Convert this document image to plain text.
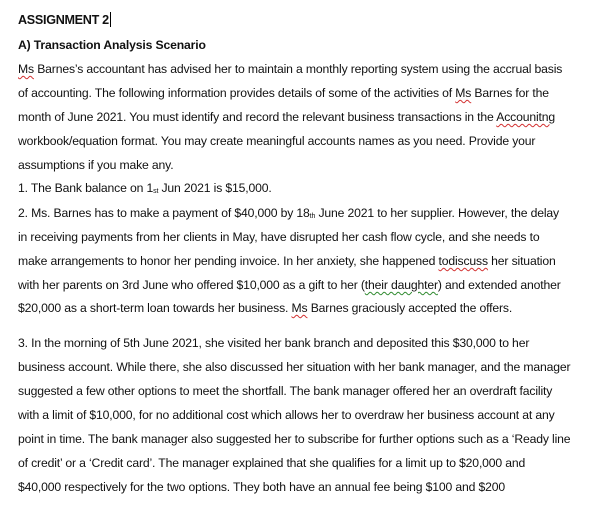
ASSIGNMENT 2
A) Transaction Analysis Scenario
Ms Barnes’s accountant has advised her to maintain a monthly reporting system using the accrual basis
of accounting. The following information provides details of some of the activities of Ms Barnes for the
month of June 2021. You must identify and record the relevant business transactions in the Accounitng
workbook/equation format. You may create meaningful accounts names as you need. Provide your
assumptions if you make any.
1. The Bank balance on 1st Jun 2021 is $15,000.
2. Ms. Barnes has to make a payment of $40,000 by 18th June 2021 to her supplier. However, the delay
in receiving payments from her clients in May, have disrupted her cash flow cycle, and she needs to
make arrangements to honor her pending invoice. In her anxiety, she happened todiscuss her situation
with her parents on 3rd June who offered $10,000 as a gift to her (their daughter) and extended another
$20,000 as a short-term loan towards her business. Ms Barnes graciously accepted the offers.
3. In the morning of 5th June 2021, she visited her bank branch and deposited this $30,000 to her
business account. While there, she also discussed her situation with her bank manager, and the manager
suggested a few other options to meet the shortfall. The bank manager offered her an overdraft facility
with a limit of $10,000, for no additional cost which allows her to overdraw her business account at any
point in time. The bank manager also suggested her to subscribe for further options such as a ‘Ready line
of credit’ or a ‘Credit card’. The manager explained that she qualifies for a limit up to $20,000 and
$40,000 respectively for the two options. They both have an annual fee being $100 and $200
